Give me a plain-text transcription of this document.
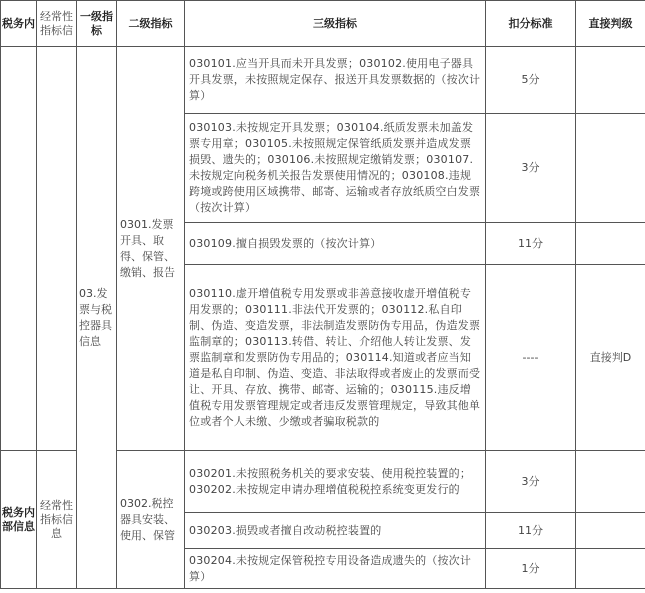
税务内	经常性指标信	一级指标	二级指标	三级指标	扣分标准	直接判级
		03.发票与税控器具信息	0301.发票开具、取得、保管、缴销、报告	030101.应当开具而未开具发票；030102.使用电子器具开具发票，未按照规定保存、报送开具发票数据的（按次计算）	5分	
				030103.未按规定开具发票；030104.纸质发票未加盖发票专用章；030105.未按照规定保管纸质发票并造成发票损毁、遗失的；030106.未按照规定缴销发票；030107.未按规定向税务机关报告发票使用情况的；030108.违规跨境或跨使用区域携带、邮寄、运输或者存放纸质空白发票（按次计算）	3分	
				030109.擅自损毁发票的（按次计算）	11分	
				030110.虚开增值税专用发票或非善意接收虚开增值税专用发票的；030111.非法代开发票的；030112.私自印制、伪造、变造发票，非法制造发票防伪专用品，伪造发票监制章的；030113.转借、转让、介绍他人转让发票、发票监制章和发票防伪专用品的；030114.知道或者应当知道是私自印制、伪造、变造、非法取得或者废止的发票而受让、开具、存放、携带、邮寄、运输的；030115.违反增值税专用发票管理规定或者违反发票管理规定，导致其他单位或者个人未缴、少缴或者骗取税款的	----	直接判D
税务内部信息	经常性指标信息		0302.税控器具安装、使用、保管	030201.未按照税务机关的要求安装、使用税控装置的；030202.未按规定申请办理增值税税控系统变更发行的	3分	
				030203.损毁或者擅自改动税控装置的	11分	
				030204.未按规定保管税控专用设备造成遗失的（按次计算）	1分	
